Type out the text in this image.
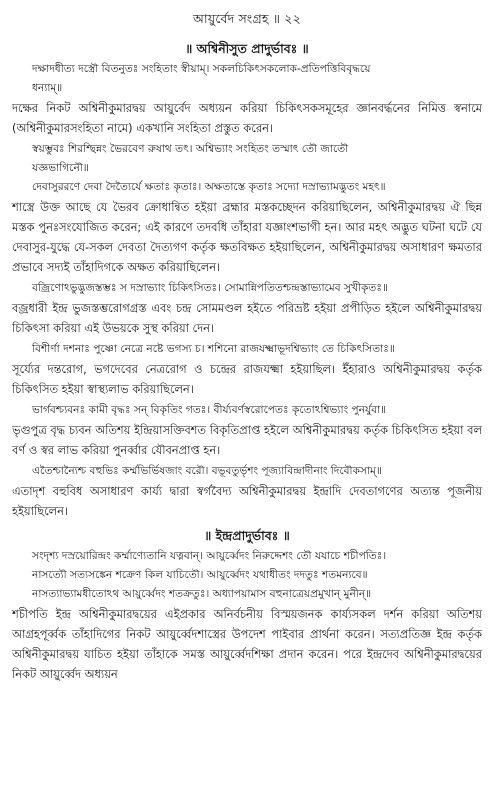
আয়ুর্বেদ সংগ্রহ ॥ ২২
॥ অশ্বিনীসুত প্রাদুর্ভাবঃ ॥

দক্ষাদধীত্য দস্ত্রৌ বিতনুতঃ সংহিতাং স্বীয়াম্। সকলচিকিৎসকলোক-প্রতিপত্তিবিবৃদ্ধয়ে

ধন্যাম্॥

দক্ষের নিকট অশ্বিনীকুমারদ্বয় আয়ুর্বেদ অধ্যয়ন করিয়া চিকিৎসকসমূহের জ্ঞানবর্দ্ধনের নিমিত্ত স্বনামে (অশ্বিনীকুমারসংহিতা নামে) একখানি সংহিতা প্রস্তুত করেন।

স্বয়ম্ভুবঃ শিরশ্ছিন্নং ভৈরবেণ রুষাথ তৎ। অশ্বিভ্যাং সংহিতং তস্মাৎ তৌ জাতৌ

যজ্ঞভাগিনৌ॥

দেবাসুররণে দেবা দৈত্যৈর্যে ক্ষতাঃ কৃতাঃ। অক্ষতাস্তে কৃতাঃ সদ্যো দস্রাভ্যামদ্ভুতং মহৎ॥

শাস্ত্রে উক্ত আছে যে ভৈরব ক্রোধান্বিত হইয়া ব্রহ্মার মস্তকচ্ছেদন করিয়াছিলেন, অশ্বিনীকুমারদ্বয় ঐ ছিন্ন মস্তক পুনঃসংযোজিত করেন; এই কারণে তদবধি তাঁহারা যজ্ঞাংশভাগী হন। আর মহৎ অদ্ভুত ঘটনা ঘটে যে দেবাসুর-যুদ্ধে যে-সকল দেবতা দৈত্যগণ কর্তৃক ক্ষতবিক্ষত হইয়াছিলেন, অশ্বিনীকুমারদ্বয় অসাধারণ ক্ষমতার প্রভাবে সদ্যই তাঁহাদিগকে অক্ষত করিয়াছিলেন।

বজ্রিণোঽভুদ্ভুজস্তম্ভঃ স দস্রাভ্যাং চিকিৎসিতঃ। সোমান্নিপতিতশ্চন্দ্রস্তাভ্যামেব সুখীকৃতঃ॥

বজ্রধারী ইন্দ্র ভুজস্তম্ভরোগগ্রস্ত এবং চন্দ্র সোমমণ্ডল হইতে পরিভ্রষ্ট হইয়া প্রপীড়িত হইলে অশ্বিনীকুমারদ্বয় চিকিৎসা করিয়া এই উভয়কে সুস্থ করিয়া দেন।

বিশীর্ণা দশনাঃ পুষ্ণো নেত্রে নষ্টে ভগস্য চ। শশিনো রাজযক্ষ্মাভূদশ্বিভ্যাং তে চিকিৎসিতাঃ॥

সূর্য্যের দন্তরোগ, ভগদেবের নেত্ররোগ ও চন্দ্রের রাজযক্ষ্মা হইয়াছিল। ইঁহারাও অশ্বিনীকুমারদ্বয় কর্তৃক চিকিৎসিত হইয়া স্বাস্থ্যলাভ করিয়াছিলেন।

ভার্গবশ্চ্যবনঃ কামী বৃদ্ধঃ সন্ বিকৃতিং গতঃ। বীর্য্যবর্ণস্বরোপেতঃ কৃতোঽশ্বিভ্যাং পুনর্যুবা॥

ভৃগুপুত্র বৃদ্ধ চ্যবন অতিশয় ইন্দ্রিয়াসক্তিবশত বিকৃতিপ্রাপ্ত হইলে অশ্বিনীকুমারদ্বয় কর্তৃক চিকিৎসিত হইয়া বল বর্ণ ও স্বর লাভ করিয়া পুনর্ব্বার যৌবনপ্রাপ্ত হন।

এতৈশ্চান্যৈশ্চ বহুভিঃ কর্ম্মভির্ভিষজাং বরৌ। বভূবতুর্ভৃশং পূজ্যাবিন্দ্রাদীনাং দিবৌকসাম্॥

এতাদৃশ বহুবিধ অসাধারণ কার্য্য দ্বারা স্বর্গবৈদ্য অশ্বিনীকুমারদ্বয় ইন্দ্রাদি দেবতাগণের অত্যন্ত পূজনীয় হইয়াছিলেন।

॥ ইন্দ্রপ্রাদুর্ভাবঃ ॥

সংদৃশ্য দস্রয়োরিন্দ্রং কর্ম্মাণ্যেতানি যত্নবান্। আয়ুর্ব্বেদং নিরুদ্দেশং তৌ যযাচে শচীপতিঃ।

নাসত্যৌ সত্যসঙ্কেন শক্রেণ কিল যাচিতৌ। আয়ুর্ব্বেদং যথাধীতং দদতুঃ শতমন্যবে॥

নাসত্যাভ্যামধীতোঽথ আয়ুর্ব্বেদং শতক্রতুঃ। অধ্যাপয়ামাস বহুনাত্রেয়প্রমুখান্ মুনীন্॥

শচীপতি ইন্দ্র অশ্বিনীকুমারদ্বয়ের এইপ্রকার অনির্বচনীয় বিস্ময়জনক কার্য্যসকল দর্শন করিয়া অতিশয় আগ্রহপূর্ব্বক তাঁহাদিগের নিকট আয়ুর্ব্বেদশাস্ত্রের উপদেশ পাইবার প্রার্থনা করেন। সত্যপ্রতিজ্ঞ ইন্দ্র কর্তৃক অশ্বিনীকুমারদ্বয় যাচিত হইয়া তাঁহাকে সমস্ত আয়ুর্ব্বেদশিক্ষা প্রদান করেন। পরে ইন্দ্রদেব অশ্বিনীকুমারদ্বয়ের নিকট আয়ুর্ব্বেদ অধ্যয়ন
